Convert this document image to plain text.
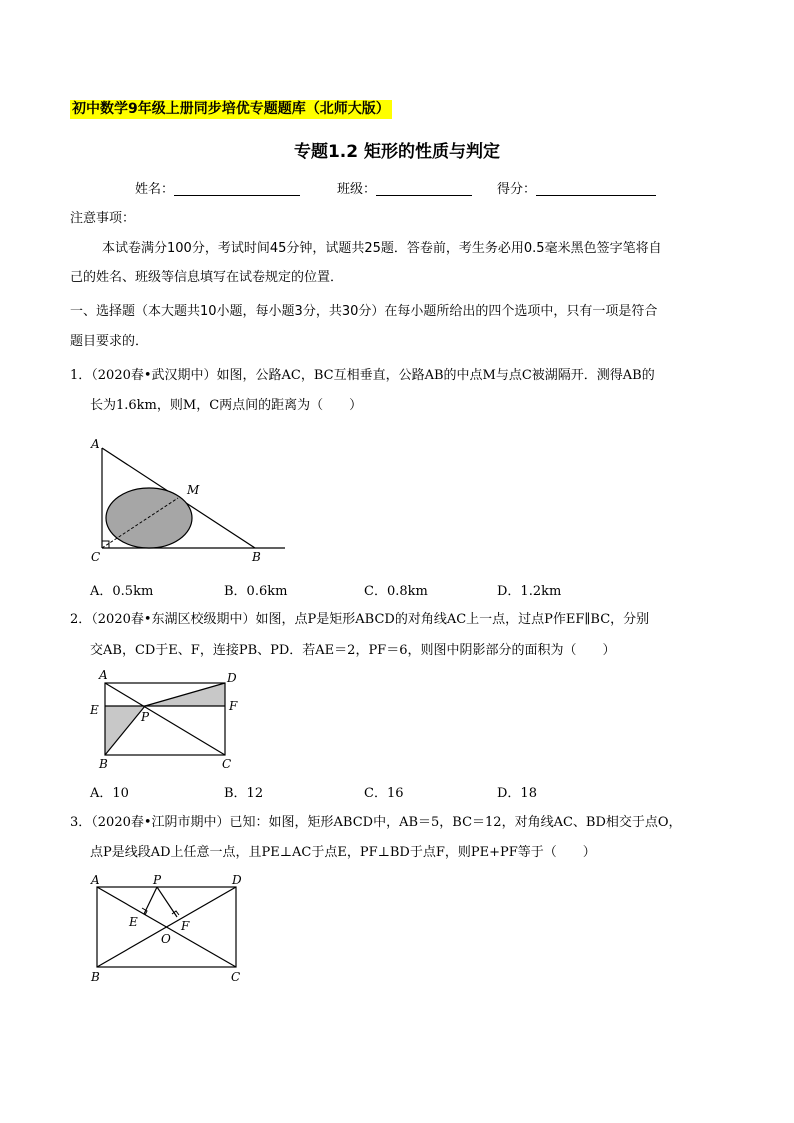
初中数学9年级上册同步培优专题题库（北师大版）
专题1.2 矩形的性质与判定
姓名：	班级：	得分：
注意事项：
本试卷满分100分，考试时间45分钟，试题共25题．答卷前，考生务必用0.5毫米黑色签字笔将自
己的姓名、班级等信息填写在试卷规定的位置．
一、选择题（本大题共10小题，每小题3分，共30分）在每小题所给出的四个选项中，只有一项是符合
题目要求的．
1．（2020春•武汉期中）如图，公路AC，BC互相垂直，公路AB的中点M与点C被湖隔开．测得AB的
长为1.6km，则M，C两点间的距离为（　　）
A
M
C	B
A．0.5km	B．0.6km	C．0.8km	D．1.2km
2．（2020春•东湖区校级期中）如图，点P是矩形ABCD的对角线AC上一点，过点P作EF∥BC，分别
交AB，CD于E、F，连接PB、PD．若AE＝2，PF＝6，则图中阴影部分的面积为（　　）
A	D
E	P
F
B	C
A．10	B．12	C．16	D．18
3．（2020春•江阴市期中）已知：如图，矩形ABCD中，AB＝5，BC＝12，对角线AC、BD相交于点O，
点P是线段AD上任意一点，且PE⊥AC于点E，PF⊥BD于点F，则PE+PF等于（　　）
A	P	D
E	F
O
B	C
